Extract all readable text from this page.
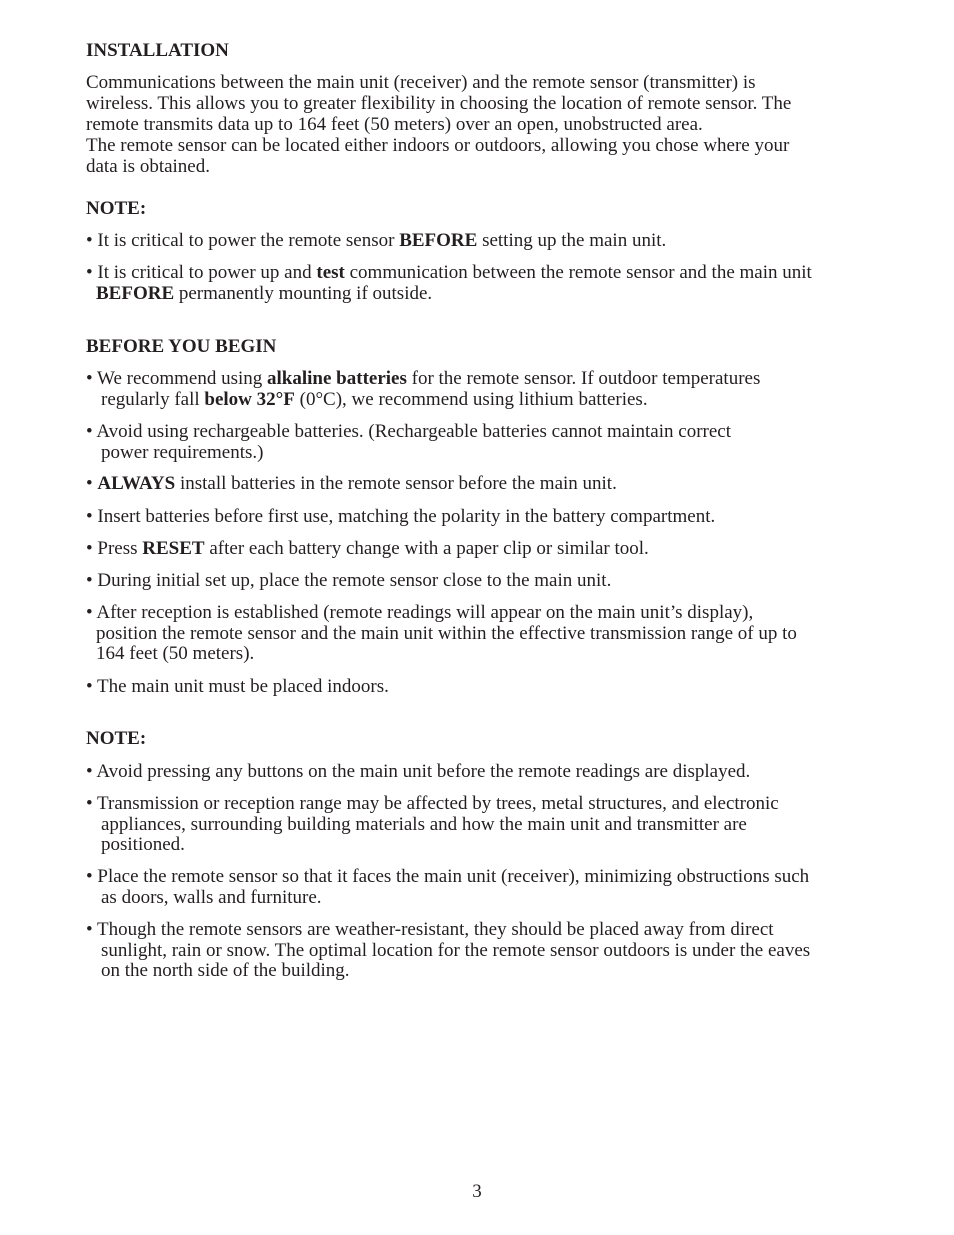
INSTALLATION
Communications between the main unit (receiver) and the remote sensor (transmitter) is
wireless. This allows you to greater flexibility in choosing the location of remote sensor. The
remote transmits data up to 164 feet (50 meters) over an open, unobstructed area.
The remote sensor can be located either indoors or outdoors, allowing you chose where your
data is obtained.
NOTE:
• It is critical to power the remote sensor BEFORE setting up the main unit.
• It is critical to power up and test communication between the remote sensor and the main unit
BEFORE permanently mounting if outside.
BEFORE YOU BEGIN
• We recommend using alkaline batteries for the remote sensor. If outdoor temperatures
regularly fall below 32°F (0°C), we recommend using lithium batteries.
• Avoid using rechargeable batteries. (Rechargeable batteries cannot maintain correct
power requirements.)
• ALWAYS install batteries in the remote sensor before the main unit.
• Insert batteries before first use, matching the polarity in the battery compartment.
• Press RESET after each battery change with a paper clip or similar tool.
• During initial set up, place the remote sensor close to the main unit.
• After reception is established (remote readings will appear on the main unit’s display),
position the remote sensor and the main unit within the effective transmission range of up to
164 feet (50 meters).
• The main unit must be placed indoors.
NOTE:
• Avoid pressing any buttons on the main unit before the remote readings are displayed.
• Transmission or reception range may be affected by trees, metal structures, and electronic
appliances, surrounding building materials and how the main unit and transmitter are
positioned.
• Place the remote sensor so that it faces the main unit (receiver), minimizing obstructions such
as doors, walls and furniture.
• Though the remote sensors are weather-resistant, they should be placed away from direct
sunlight, rain or snow. The optimal location for the remote sensor outdoors is under the eaves
on the north side of the building.
3
